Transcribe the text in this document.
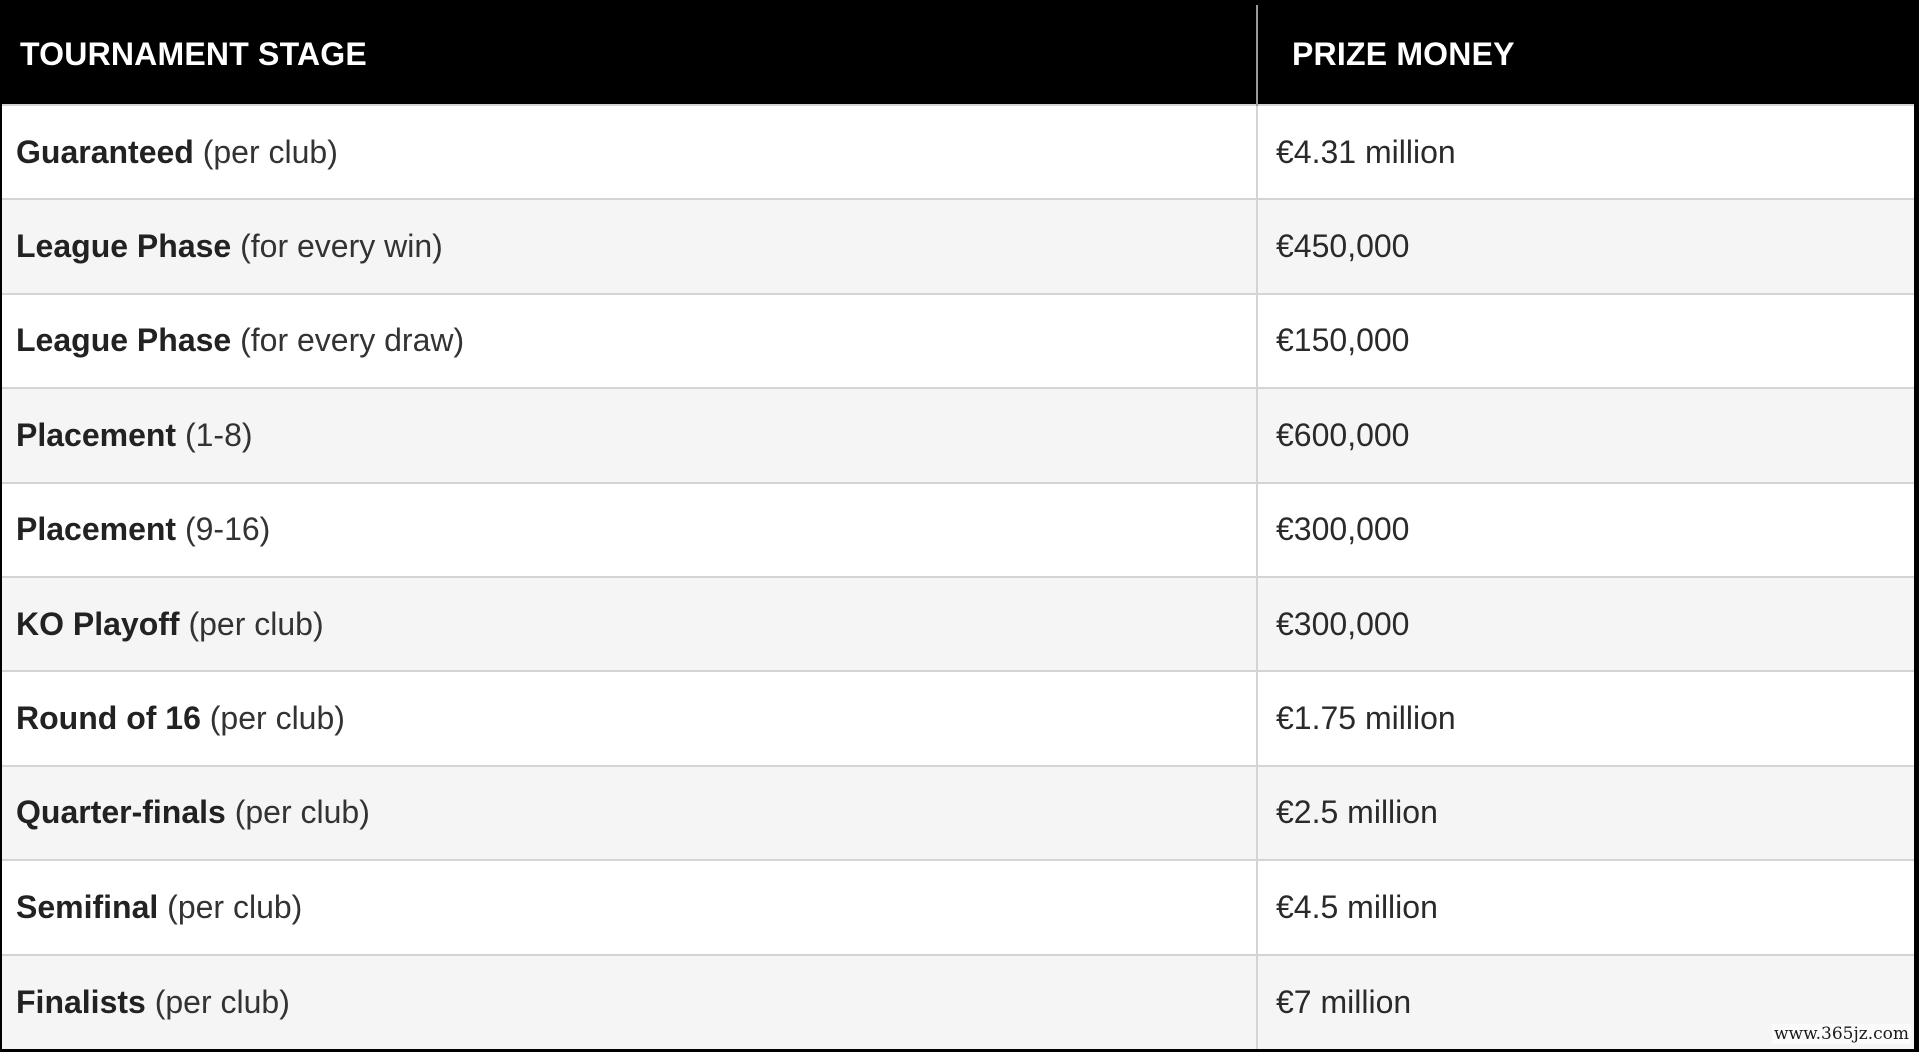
TOURNAMENT STAGE	PRIZE MONEY
Guaranteed (per club)	€4.31 million
League Phase (for every win)	€450,000
League Phase (for every draw)	€150,000
Placement (1-8)	€600,000
Placement (9-16)	€300,000
KO Playoff (per club)	€300,000
Round of 16 (per club)	€1.75 million
Quarter-finals (per club)	€2.5 million
Semifinal (per club)	€4.5 million
Finalists (per club)	€7 million
www.365jz.com
